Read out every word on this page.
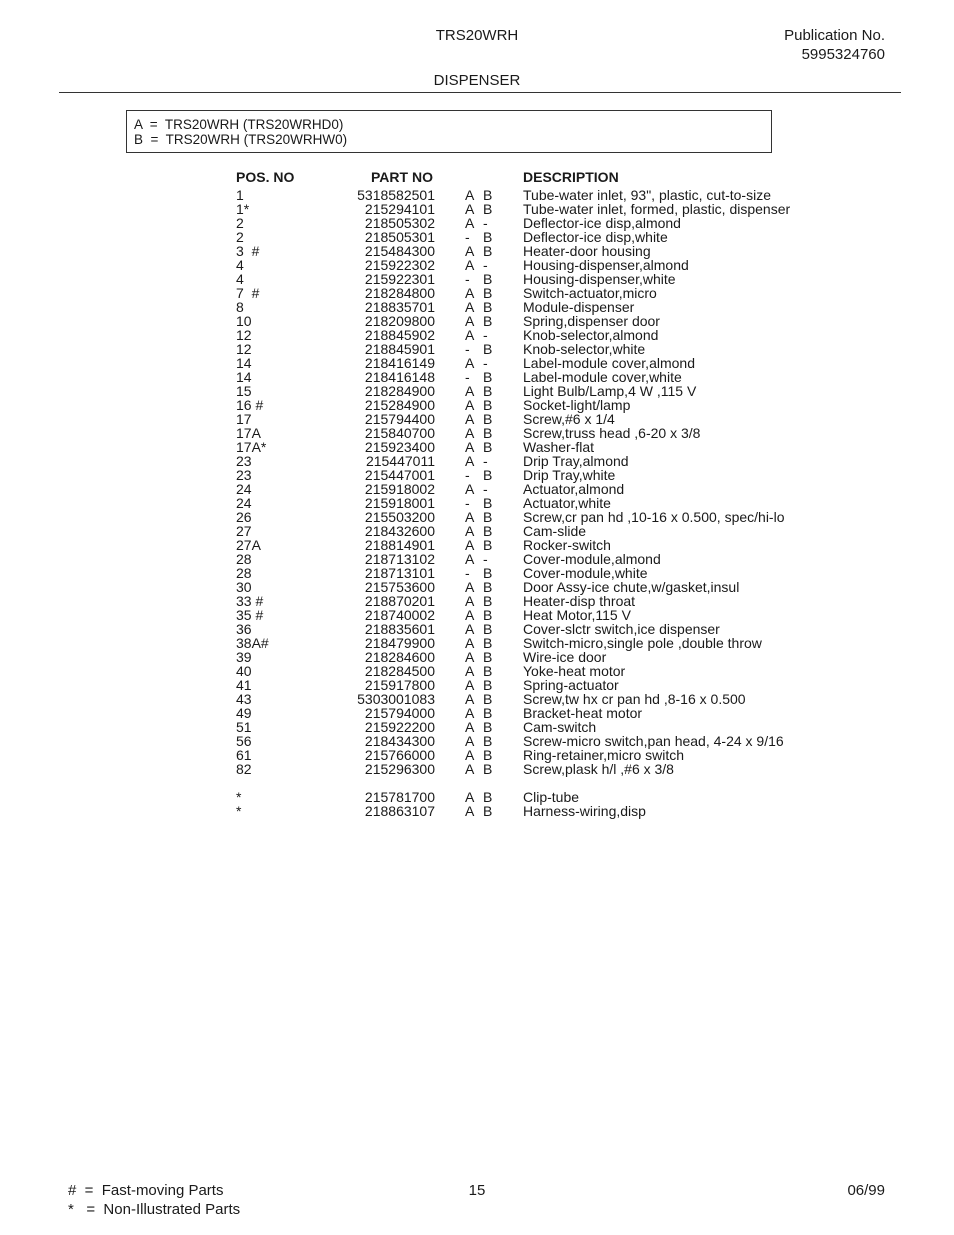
TRS20WRH	Publication No.
5995324760
DISPENSER
A  =  TRS20WRH (TRS20WRHD0)
B  =  TRS20WRH (TRS20WRHW0)
POS. NO	PART NO	DESCRIPTION
1	5318582501 A B Tube-water inlet, 93", plastic, cut-to-size
1*	215294101 A B Tube-water inlet, formed, plastic, dispenser
2	218505302 A -	Deflector-ice disp,almond
2	218505301 - B Deflector-ice disp,white
3  #	215484300 A B Heater-door housing
4	215922302 A -	Housing-dispenser,almond
4	215922301 - B Housing-dispenser,white
7  #	218284800 A B Switch-actuator,micro
8	218835701 A B Module-dispenser
10	218209800 A B Spring,dispenser door
12	218845902 A -	Knob-selector,almond
12	218845901 - B Knob-selector,white
14	218416149 A -	Label-module cover,almond
14	218416148 - B Label-module cover,white
15	218284900 A B Light Bulb/Lamp,4 W ,115 V
16 #	215284900 A B Socket-light/lamp
17	215794400 A B Screw,#6 x 1/4
17A	215840700 A B Screw,truss head ,6-20 x 3/8
17A*	215923400 A B Washer-flat
23	215447011 A -	Drip Tray,almond
23	215447001 - B Drip Tray,white
24	215918002 A -	Actuator,almond
24	215918001 - B Actuator,white
26	215503200 A B Screw,cr pan hd ,10-16 x 0.500, spec/hi-lo
27	218432600 A B Cam-slide
27A	218814901 A B Rocker-switch
28	218713102 A -	Cover-module,almond
28	218713101 - B Cover-module,white
30	215753600 A B Door Assy-ice chute,w/gasket,insul
33 #	218870201 A B Heater-disp throat
35 #	218740002 A B Heat Motor,115 V
36	218835601 A B Cover-slctr switch,ice dispenser
38A#	218479900 A B Switch-micro,single pole ,double throw
39	218284600 A B Wire-ice door
40	218284500 A B Yoke-heat motor
41	215917800 A B Spring-actuator
43	5303001083 A B Screw,tw hx cr pan hd ,8-16 x 0.500
49	215794000 A B Bracket-heat motor
51	215922200 A B Cam-switch
56	218434300 A B Screw-micro switch,pan head, 4-24 x 9/16
61	215766000 A B Ring-retainer,micro switch
82	215296300 A B Screw,plask h/l ,#6 x 3/8
*	215781700 A B Clip-tube
*	218863107 A B Harness-wiring,disp
#  =  Fast-moving Parts
*   =  Non-Illustrated Parts
15	06/99
